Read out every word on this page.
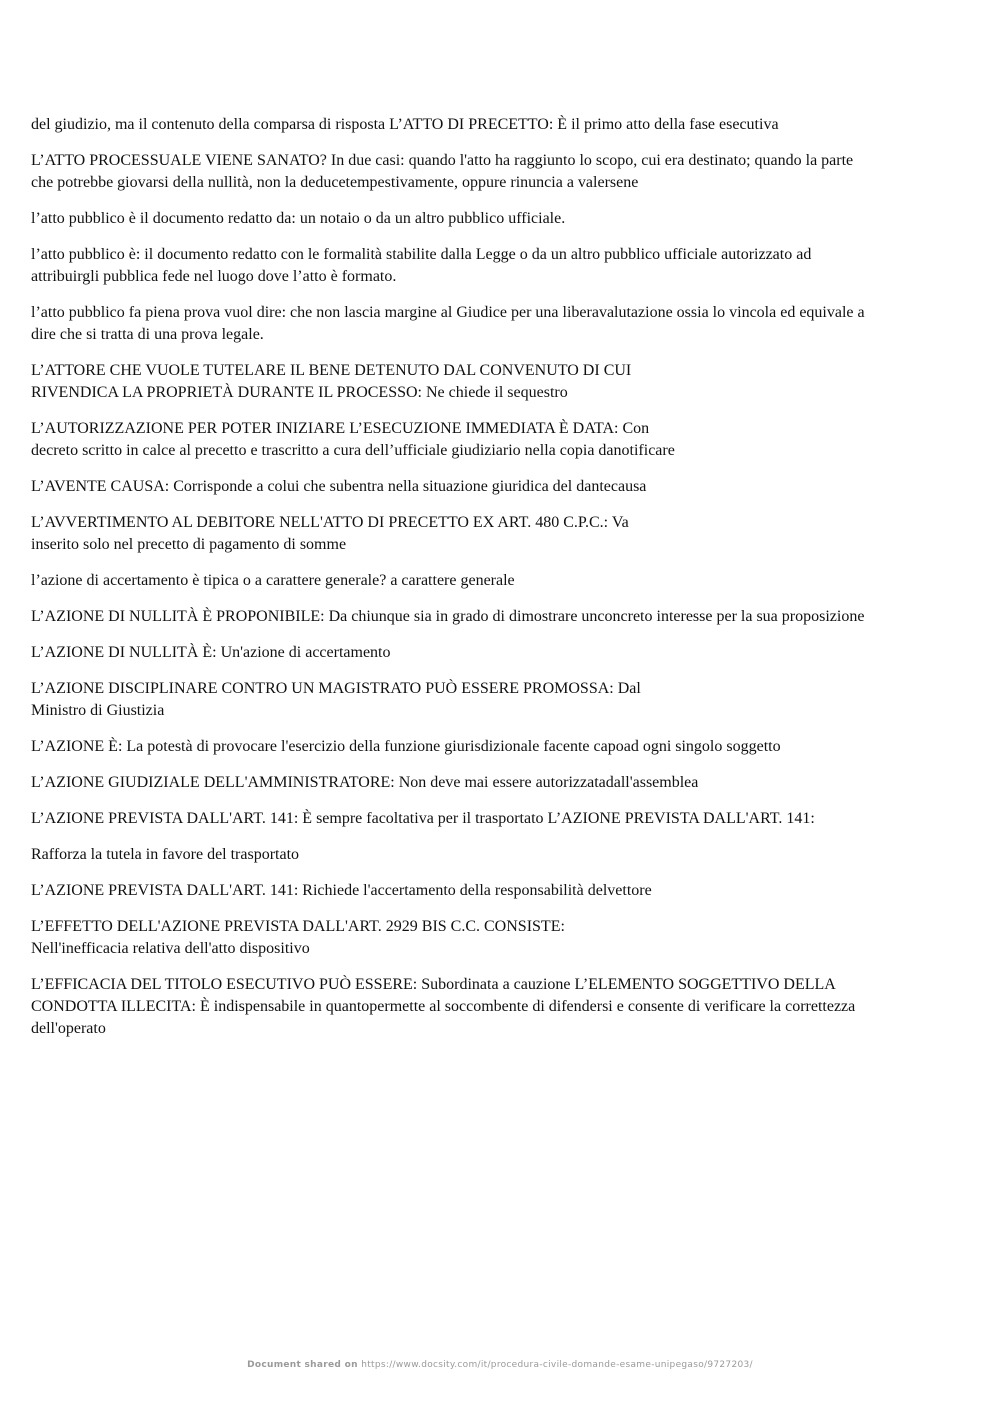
del giudizio, ma il contenuto della comparsa di risposta L’ATTO DI PRECETTO: È il primo atto della fase esecutiva

L’ATTO PROCESSUALE VIENE SANATO? In due casi: quando l'atto ha raggiunto lo scopo, cui era destinato; quando la parte
che potrebbe giovarsi della nullità, non la deducetempestivamente, oppure rinuncia a valersene

l’atto pubblico è il documento redatto da: un notaio o da un altro pubblico ufficiale.

l’atto pubblico è: il documento redatto con le formalità stabilite dalla Legge o da un altro pubblico ufficiale autorizzato ad
attribuirgli pubblica fede nel luogo dove l’atto è formato.

l’atto pubblico fa piena prova vuol dire: che non lascia margine al Giudice per una liberavalutazione ossia lo vincola ed equivale a
dire che si tratta di una prova legale.

L’ATTORE CHE VUOLE TUTELARE IL BENE DETENUTO DAL CONVENUTO DI CUI
RIVENDICA LA PROPRIETÀ DURANTE IL PROCESSO: Ne chiede il sequestro

L’AUTORIZZAZIONE PER POTER INIZIARE L’ESECUZIONE IMMEDIATA È DATA: Con
decreto scritto in calce al precetto e trascritto a cura dell’ufficiale giudiziario nella copia danotificare

L’AVENTE CAUSA: Corrisponde a colui che subentra nella situazione giuridica del dantecausa

L’AVVERTIMENTO AL DEBITORE NELL'ATTO DI PRECETTO EX ART. 480 C.P.C.: Va
inserito solo nel precetto di pagamento di somme

l’azione di accertamento è tipica o a carattere generale? a carattere generale

L’AZIONE DI NULLITÀ È PROPONIBILE: Da chiunque sia in grado di dimostrare unconcreto interesse per la sua proposizione

L’AZIONE DI NULLITÀ È: Un'azione di accertamento

L’AZIONE DISCIPLINARE CONTRO UN MAGISTRATO PUÒ ESSERE PROMOSSA: Dal
Ministro di Giustizia

L’AZIONE È: La potestà di provocare l'esercizio della funzione giurisdizionale facente capoad ogni singolo soggetto

L’AZIONE GIUDIZIALE DELL'AMMINISTRATORE: Non deve mai essere autorizzatadall'assemblea

L’AZIONE PREVISTA DALL'ART. 141: È sempre facoltativa per il trasportato L’AZIONE PREVISTA DALL'ART. 141:

Rafforza la tutela in favore del trasportato

L’AZIONE PREVISTA DALL'ART. 141: Richiede l'accertamento della responsabilità delvettore

L’EFFETTO DELL'AZIONE PREVISTA DALL'ART. 2929 BIS C.C. CONSISTE:
Nell'inefficacia relativa dell'atto dispositivo

L’EFFICACIA DEL TITOLO ESECUTIVO PUÒ ESSERE: Subordinata a cauzione L’ELEMENTO SOGGETTIVO DELLA
CONDOTTA ILLECITA: È indispensabile in quantopermette al soccombente di difendersi e consente di verificare la correttezza
dell'operato

Document shared on https://www.docsity.com/it/procedura-civile-domande-esame-unipegaso/9727203/
